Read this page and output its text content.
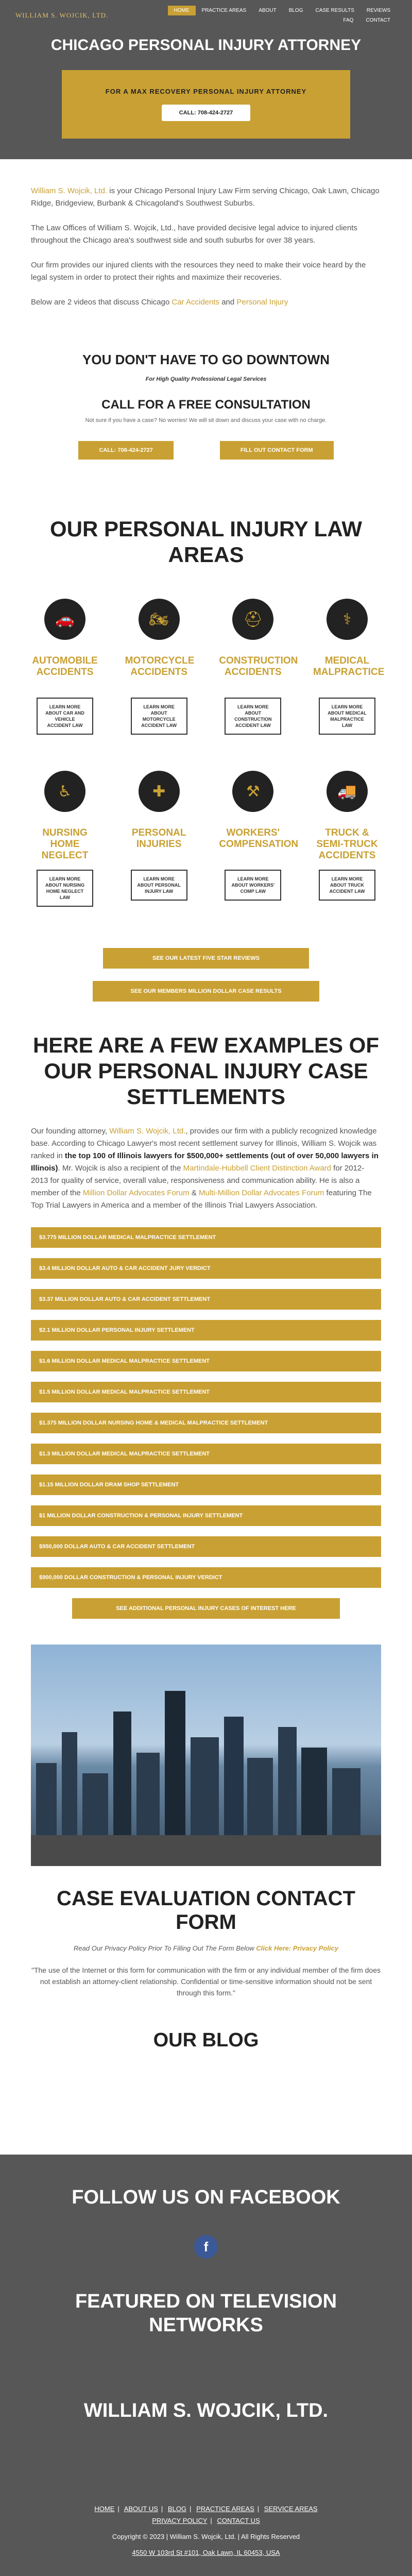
WILLIAM S. WOJCIK, LTD.
HOME	PRACTICE AREAS	ABOUT	BLOG	CASE RESULTS	REVIEWS
FAQ	CONTACT
CHICAGO PERSONAL INJURY ATTORNEY

FOR A MAX RECOVERY PERSONAL INJURY ATTORNEY

CALL: 708-424-2727

William S. Wojcik, Ltd. is your Chicago Personal Injury Law Firm serving Chicago, Oak Lawn, Chicago Ridge, Bridgeview, Burbank & Chicagoland's Southwest Suburbs.

The Law Offices of William S. Wojcik, Ltd., have provided decisive legal advice to injured clients throughout the Chicago area's southwest side and south suburbs for over 38 years.

Our firm provides our injured clients with the resources they need to make their voice heard by the legal system in order to protect their rights and maximize their recoveries.

Below are 2 videos that discuss Chicago Car Accidents and Personal Injury

YOU DON'T HAVE TO GO DOWNTOWN

For High Quality Professional Legal Services

CALL FOR A FREE CONSULTATION

Not sure if you have a case? No worries! We will sit down and discuss your case with no charge.

CALL: 708-424-2727	FILL OUT CONTACT FORM
OUR PERSONAL INJURY LAW AREAS
🚗
AUTOMOBILE ACCIDENTS
LEARN MORE ABOUT CAR AND VEHICLE ACCIDENT LAW
🏍
MOTORCYCLE ACCIDENTS
LEARN MORE ABOUT MOTORCYCLE ACCIDENT LAW
⛑
CONSTRUCTION ACCIDENTS
LEARN MORE ABOUT CONSTRUCTION ACCIDENT LAW
⚕
MEDICAL MALPRACTICE
LEARN MORE ABOUT MEDICAL MALPRACTICE LAW
♿
NURSING HOME NEGLECT
LEARN MORE ABOUT NURSING HOME NEGLECT LAW
✚
PERSONAL INJURIES
LEARN MORE ABOUT PERSONAL INJURY LAW
⚒
WORKERS' COMPENSATION
LEARN MORE ABOUT WORKERS' COMP LAW
🚚
TRUCK & SEMI-TRUCK ACCIDENTS
LEARN MORE ABOUT TRUCK ACCIDENT LAW
SEE OUR LATEST FIVE STAR REVIEWS
SEE OUR MEMBERS MILLION DOLLAR CASE RESULTS
HERE ARE A FEW EXAMPLES OF OUR PERSONAL INJURY CASE SETTLEMENTS

Our founding attorney, William S. Wojcik, Ltd., provides our firm with a publicly recognized knowledge base. According to Chicago Lawyer's most recent settlement survey for Illinois, William S. Wojcik was ranked in the top 100 of Illinois lawyers for $500,000+ settlements (out of over 50,000 lawyers in Illinois). Mr. Wojcik is also a recipient of the Martindale-Hubbell Client Distinction Award for 2012-2013 for quality of service, overall value, responsiveness and communication ability. He is also a member of the Million Dollar Advocates Forum & Multi-Million Dollar Advocates Forum featuring The Top Trial Lawyers in America and a member of the Illinois Trial Lawyers Association.

$3.775 MILLION DOLLAR MEDICAL MALPRACTICE SETTLEMENT
$3.4 MILLION DOLLAR AUTO & CAR ACCIDENT JURY VERDICT
$3.37 MILLION DOLLAR AUTO & CAR ACCIDENT SETTLEMENT
$2.1 MILLION DOLLAR PERSONAL INJURY SETTLEMENT
$1.6 MILLION DOLLAR MEDICAL MALPRACTICE SETTLEMENT
$1.5 MILLION DOLLAR MEDICAL MALPRACTICE SETTLEMENT
$1.375 MILLION DOLLAR NURSING HOME & MEDICAL MALPRACTICE SETTLEMENT
$1.3 MILLION DOLLAR MEDICAL MALPRACTICE SETTLEMENT
$1.15 MILLION DOLLAR DRAM SHOP SETTLEMENT
$1 MILLION DOLLAR CONSTRUCTION & PERSONAL INJURY SETTLEMENT
$950,000 DOLLAR AUTO & CAR ACCIDENT SETTLEMENT
$900,000 DOLLAR CONSTRUCTION & PERSONAL INJURY VERDICT
SEE ADDITIONAL PERSONAL INJURY CASES OF INTEREST HERE
CASE EVALUATION CONTACT FORM

Read Our Privacy Policy Prior To Filling Out The Form Below Click Here: Privacy Policy

"The use of the Internet or this form for communication with the firm or any individual member of the firm does not establish an attorney-client relationship. Confidential or time-sensitive information should not be sent through this form."

OUR BLOG
FOLLOW US ON FACEBOOK
f
FEATURED ON TELEVISION NETWORKS
WILLIAM S. WOJCIK, LTD.
HOME | ABOUT US | BLOG | PRACTICE AREAS | SERVICE AREAS
PRIVACY POLICY | CONTACT US

Copyright © 2023 | William S. Wojcik, Ltd. | All Rights Reserved

4550 W 103rd St #101, Oak Lawn, IL 60453, USA
